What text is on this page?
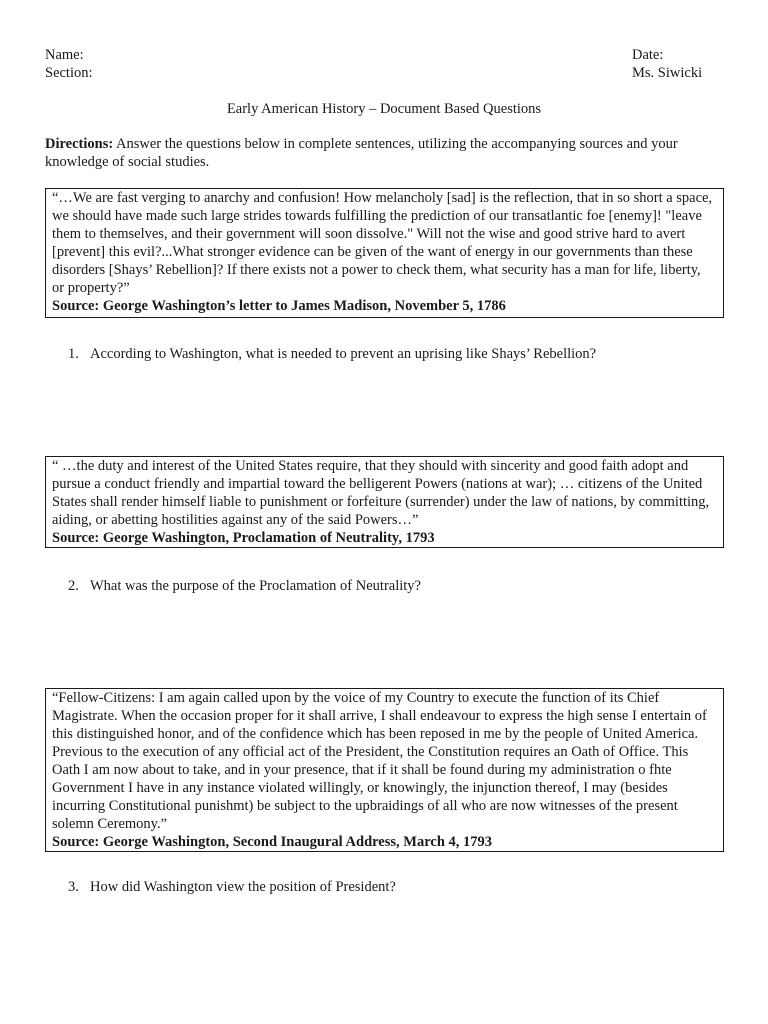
Name:
Section:
Date:
Ms. Siwicki
Early American History – Document Based Questions
Directions: Answer the questions below in complete sentences, utilizing the accompanying sources and your knowledge of social studies.
“…We are fast verging to anarchy and confusion! How melancholy [sad] is the reflection, that in so short a space, we should have made such large strides towards fulfilling the prediction of our transatlantic foe [enemy]! "leave them to themselves, and their government will soon dissolve." Will not the wise and good strive hard to avert [prevent] this evil?...What stronger evidence can be given of the want of energy in our governments than these disorders [Shays’ Rebellion]? If there exists not a power to check them, what security has a man for life, liberty, or property?”
Source: George Washington’s letter to James Madison, November 5, 1786
1. According to Washington, what is needed to prevent an uprising like Shays’ Rebellion?
“ …the duty and interest of the United States require, that they should with sincerity and good faith adopt and pursue a conduct friendly and impartial toward the belligerent Powers (nations at war); … citizens of the United States shall render himself liable to punishment or forfeiture (surrender) under the law of nations, by committing, aiding, or abetting hostilities against any of the said Powers…”
Source: George Washington, Proclamation of Neutrality, 1793
2. What was the purpose of the Proclamation of Neutrality?
“Fellow-Citizens: I am again called upon by the voice of my Country to execute the function of its Chief Magistrate. When the occasion proper for it shall arrive, I shall endeavour to express the high sense I entertain of this distinguished honor, and of the confidence which has been reposed in me by the people of United America. Previous to the execution of any official act of the President, the Constitution requires an Oath of Office. This Oath I am now about to take, and in your presence, that if it shall be found during my administration o fhte Government I have in any instance violated willingly, or knowingly, the injunction thereof, I may (besides incurring Constitutional punishmt) be subject to the upbraidings of all who are now witnesses of the present solemn Ceremony.”
Source: George Washington, Second Inaugural Address, March 4, 1793
3. How did Washington view the position of President?
